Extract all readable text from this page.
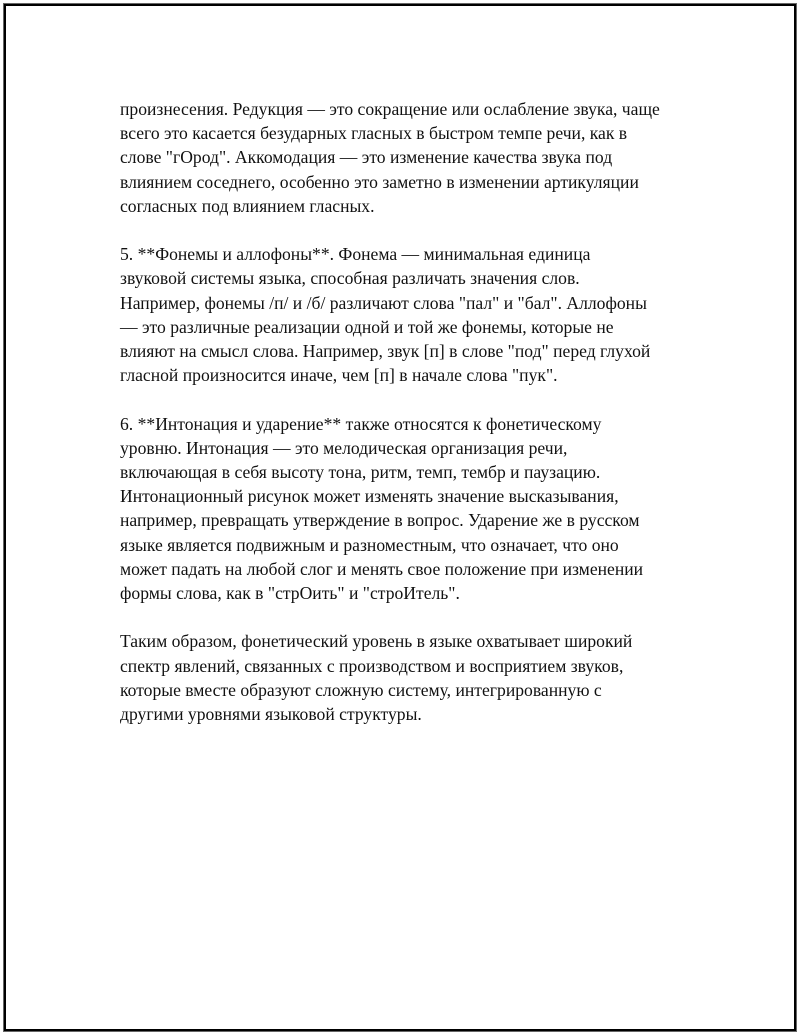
произнесения. Редукция — это сокращение или ослабление звука, чаще
всего это касается безударных гласных в быстром темпе речи, как в
слове "гОрод". Аккомодация — это изменение качества звука под
влиянием соседнего, особенно это заметно в изменении артикуляции
согласных под влиянием гласных.
5. **Фонемы и аллофоны**. Фонема — минимальная единица
звуковой системы языка, способная различать значения слов.
Например, фонемы /п/ и /б/ различают слова "пал" и "бал". Аллофоны
— это различные реализации одной и той же фонемы, которые не
влияют на смысл слова. Например, звук [п] в слове "под" перед глухой
гласной произносится иначе, чем [п] в начале слова "пук".
6. **Интонация и ударение** также относятся к фонетическому
уровню. Интонация — это мелодическая организация речи,
включающая в себя высоту тона, ритм, темп, тембр и паузацию.
Интонационный рисунок может изменять значение высказывания,
например, превращать утверждение в вопрос. Ударение же в русском
языке является подвижным и разноместным, что означает, что оно
может падать на любой слог и менять свое положение при изменении
формы слова, как в "стрОить" и "строИтель".
Таким образом, фонетический уровень в языке охватывает широкий
спектр явлений, связанных с производством и восприятием звуков,
которые вместе образуют сложную систему, интегрированную с
другими уровнями языковой структуры.
